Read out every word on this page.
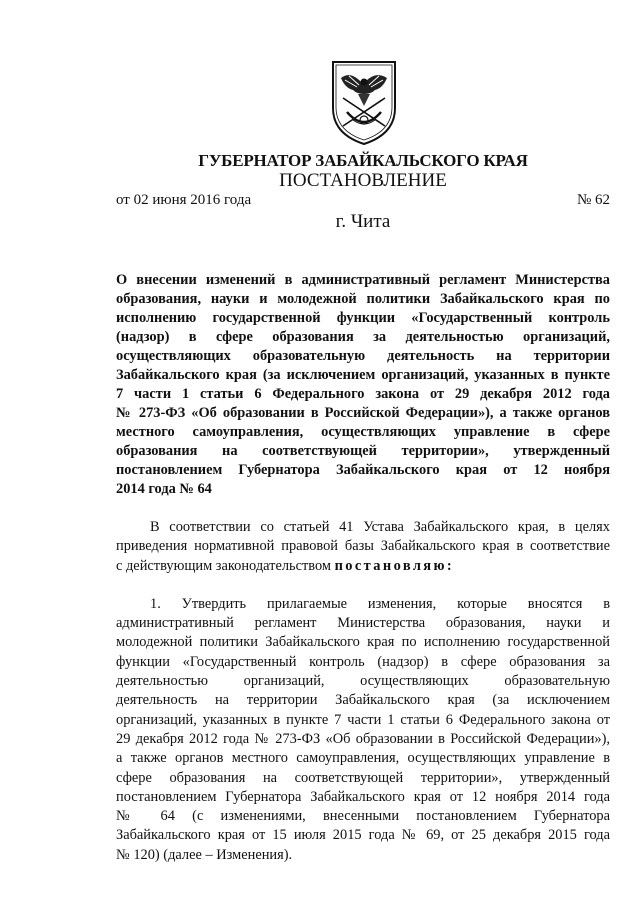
ГУБЕРНАТОР ЗАБАЙКАЛЬСКОГО КРАЯ
ПОСТАНОВЛЕНИЕ
от 02 июня 2016 года	№ 62
г. Чита
О внесении изменений в административный регламент Министерства
образования, науки и молодежной политики Забайкальского края по
исполнению государственной функции «Государственный контроль
(надзор) в сфере образования за деятельностью организаций,
осуществляющих образовательную деятельность на территории
Забайкальского края (за исключением организаций, указанных в пункте
7 части 1 статьи 6 Федерального закона от 29 декабря 2012 года
№ 273-ФЗ «Об образовании в Российской Федерации»), а также органов
местного самоуправления, осуществляющих управление в сфере
образования на соответствующей территории», утвержденный
постановлением Губернатора Забайкальского края от 12 ноября
2014 года № 64
В соответствии со статьей 41 Устава Забайкальского края, в целях
приведения нормативной правовой базы Забайкальского края в соответствие
с действующим законодательством постановляю:
1. Утвердить прилагаемые изменения, которые вносятся в
административный регламент Министерства образования, науки и
молодежной политики Забайкальского края по исполнению государственной
функции «Государственный контроль (надзор) в сфере образования за
деятельностью организаций, осуществляющих образовательную
деятельность на территории Забайкальского края (за исключением
организаций, указанных в пункте 7 части 1 статьи 6 Федерального закона от
29 декабря 2012 года № 273-ФЗ «Об образовании в Российской Федерации»),
а также органов местного самоуправления, осуществляющих управление в
сфере образования на соответствующей территории», утвержденный
постановлением Губернатора Забайкальского края от 12 ноября 2014 года
№ 64 (с изменениями, внесенными постановлением Губернатора
Забайкальского края от 15 июля 2015 года № 69, от 25 декабря 2015 года
№ 120) (далее – Изменения).
